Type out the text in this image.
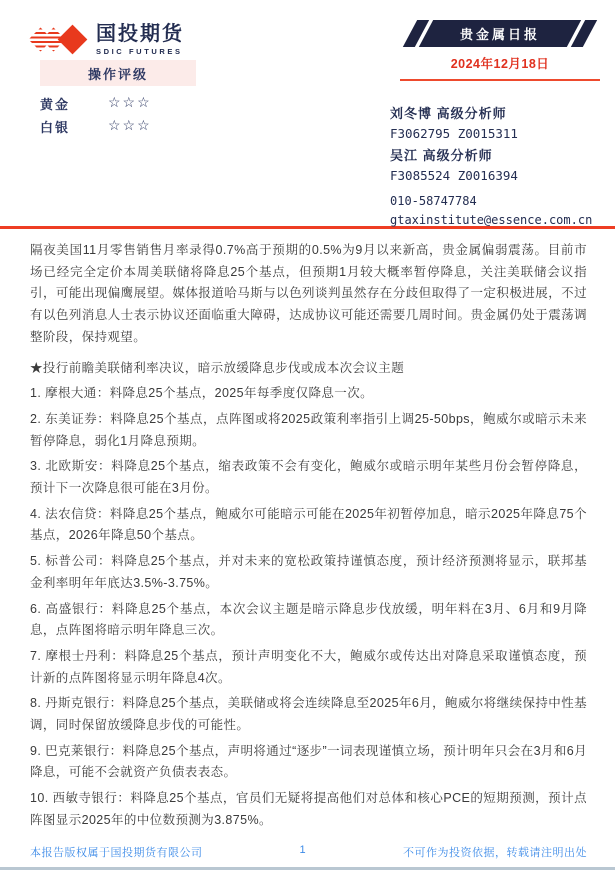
国投期货
SDIC FUTURES
贵金属日报
2024年12月18日
操作评级
黄金	☆☆☆
白银	☆☆☆
刘冬博 高级分析师
F3062795 Z0015311
吴江 高级分析师
F3085524 Z0016394
010-58747784
gtaxinstitute@essence.com.cn

隔夜美国11月零售销售月率录得0.7%高于预期的0.5%为9月以来新高，贵金属偏弱震荡。目前市场已经完全定价本周美联储将降息25个基点，但预期1月较大概率暂停降息，关注美联储会议指引，可能出现偏鹰展望。媒体报道哈马斯与以色列谈判虽然存在分歧但取得了一定积极进展，不过有以色列消息人士表示协议还面临重大障碍，达成协议可能还需要几周时间。贵金属仍处于震荡调整阶段，保持观望。

★投行前瞻美联储利率决议，暗示放缓降息步伐或成本次会议主题

1. 摩根大通：料降息25个基点，2025年每季度仅降息一次。

2. 东美证券：料降息25个基点，点阵图或将2025政策利率指引上调25-50bps，鲍威尔或暗示未来暂停降息，弱化1月降息预期。

3. 北欧斯安：料降息25个基点，缩表政策不会有变化，鲍威尔或暗示明年某些月份会暂停降息，预计下一次降息很可能在3月份。

4. 法农信贷：料降息25个基点，鲍威尔可能暗示可能在2025年初暂停加息，暗示2025年降息75个基点，2026年降息50个基点。

5. 标普公司：料降息25个基点，并对未来的宽松政策持谨慎态度，预计经济预测将显示，联邦基金利率明年年底达3.5%-3.75%。

6. 高盛银行：料降息25个基点，本次会议主题是暗示降息步伐放缓，明年料在3月、6月和9月降息，点阵图将暗示明年降息三次。

7. 摩根士丹利：料降息25个基点，预计声明变化不大，鲍威尔或传达出对降息采取谨慎态度，预计新的点阵图将显示明年降息4次。

8. 丹斯克银行：料降息25个基点，美联储或将会连续降息至2025年6月，鲍威尔将继续保持中性基调，同时保留放缓降息步伐的可能性。

9. 巴克莱银行：料降息25个基点，声明将通过“逐步”一词表现谨慎立场，预计明年只会在3月和6月降息，可能不会就资产负债表表态。

10. 西敏寺银行：料降息25个基点，官员们无疑将提高他们对总体和核心PCE的短期预测，预计点阵图显示2025年的中位数预测为3.875%。

本报告版权属于国投期货有限公司	1	不可作为投资依据，转载请注明出处
